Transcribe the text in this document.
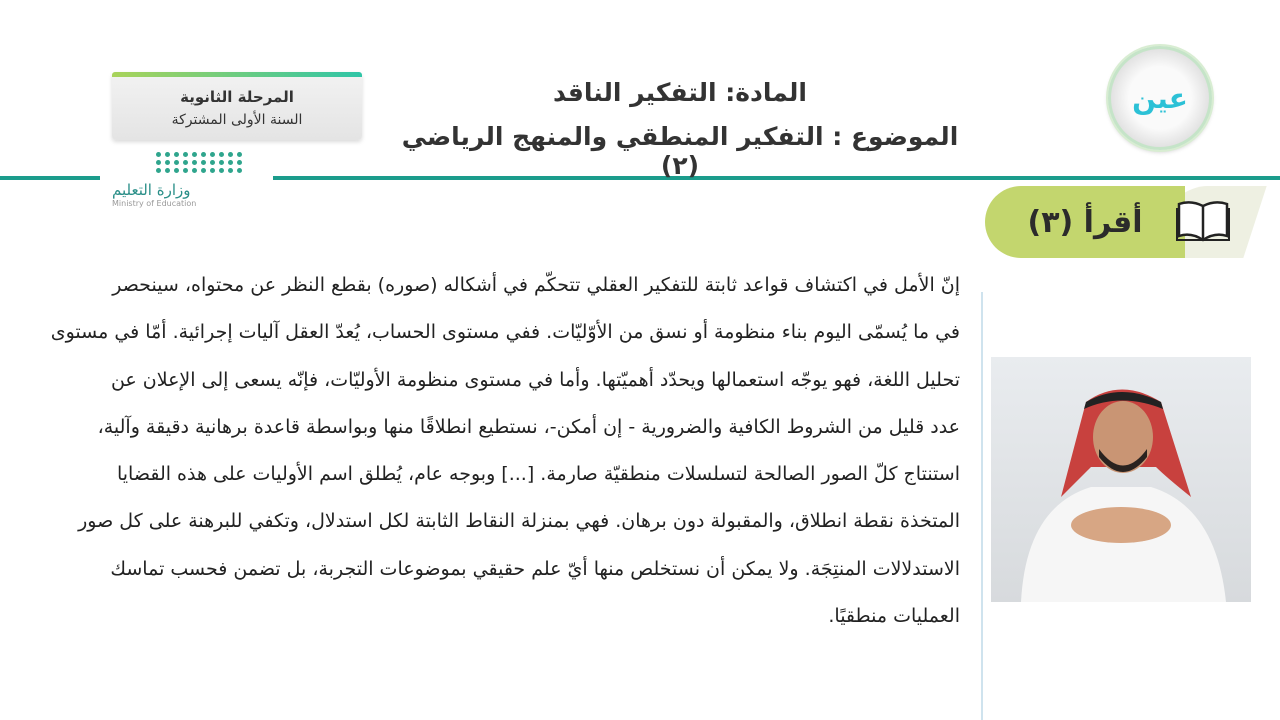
المرحلة الثانوية
السنة الأولى المشتركة
وزارة التعليم
Ministry of Education
المادة: التفكير الناقد
الموضوع : التفكير المنطقي والمنهج الرياضي (٢)
عين
أقرأ (٣)
إنّ الأمل في اكتشاف قواعد ثابتة للتفكير العقلي تتحكّم في أشكاله (صوره) بقطع النظر عن محتواه، سينحصر
في ما يُسمّى اليوم بناء منظومة أو نسق من الأوّليّات. ففي مستوى الحساب، يُعدّ العقل آليات إجرائية. أمّا في مستوى
تحليل اللغة، فهو يوجّه استعمالها ويحدّد أهميّتها. وأما في مستوى منظومة الأوليّات، فإنّه يسعى إلى الإعلان عن
عدد قليل من الشروط الكافية والضرورية - إن أمكن-، نستطيع انطلاقًا منها وبواسطة قاعدة برهانية دقيقة وآلية،
استنتاج كلّ الصور الصالحة لتسلسلات منطقيّة صارمة. [...] وبوجه عام، يُطلق اسم الأوليات على هذه القضايا
المتخذة نقطة انطلاق، والمقبولة دون برهان. فهي بمنزلة النقاط الثابتة لكل استدلال، وتكفي للبرهنة على كل صور
الاستدلالات المنتِجَة. ولا يمكن أن نستخلص منها أيّ علم حقيقي بموضوعات التجربة، بل تضمن فحسب تماسك
العمليات منطقيًا.
